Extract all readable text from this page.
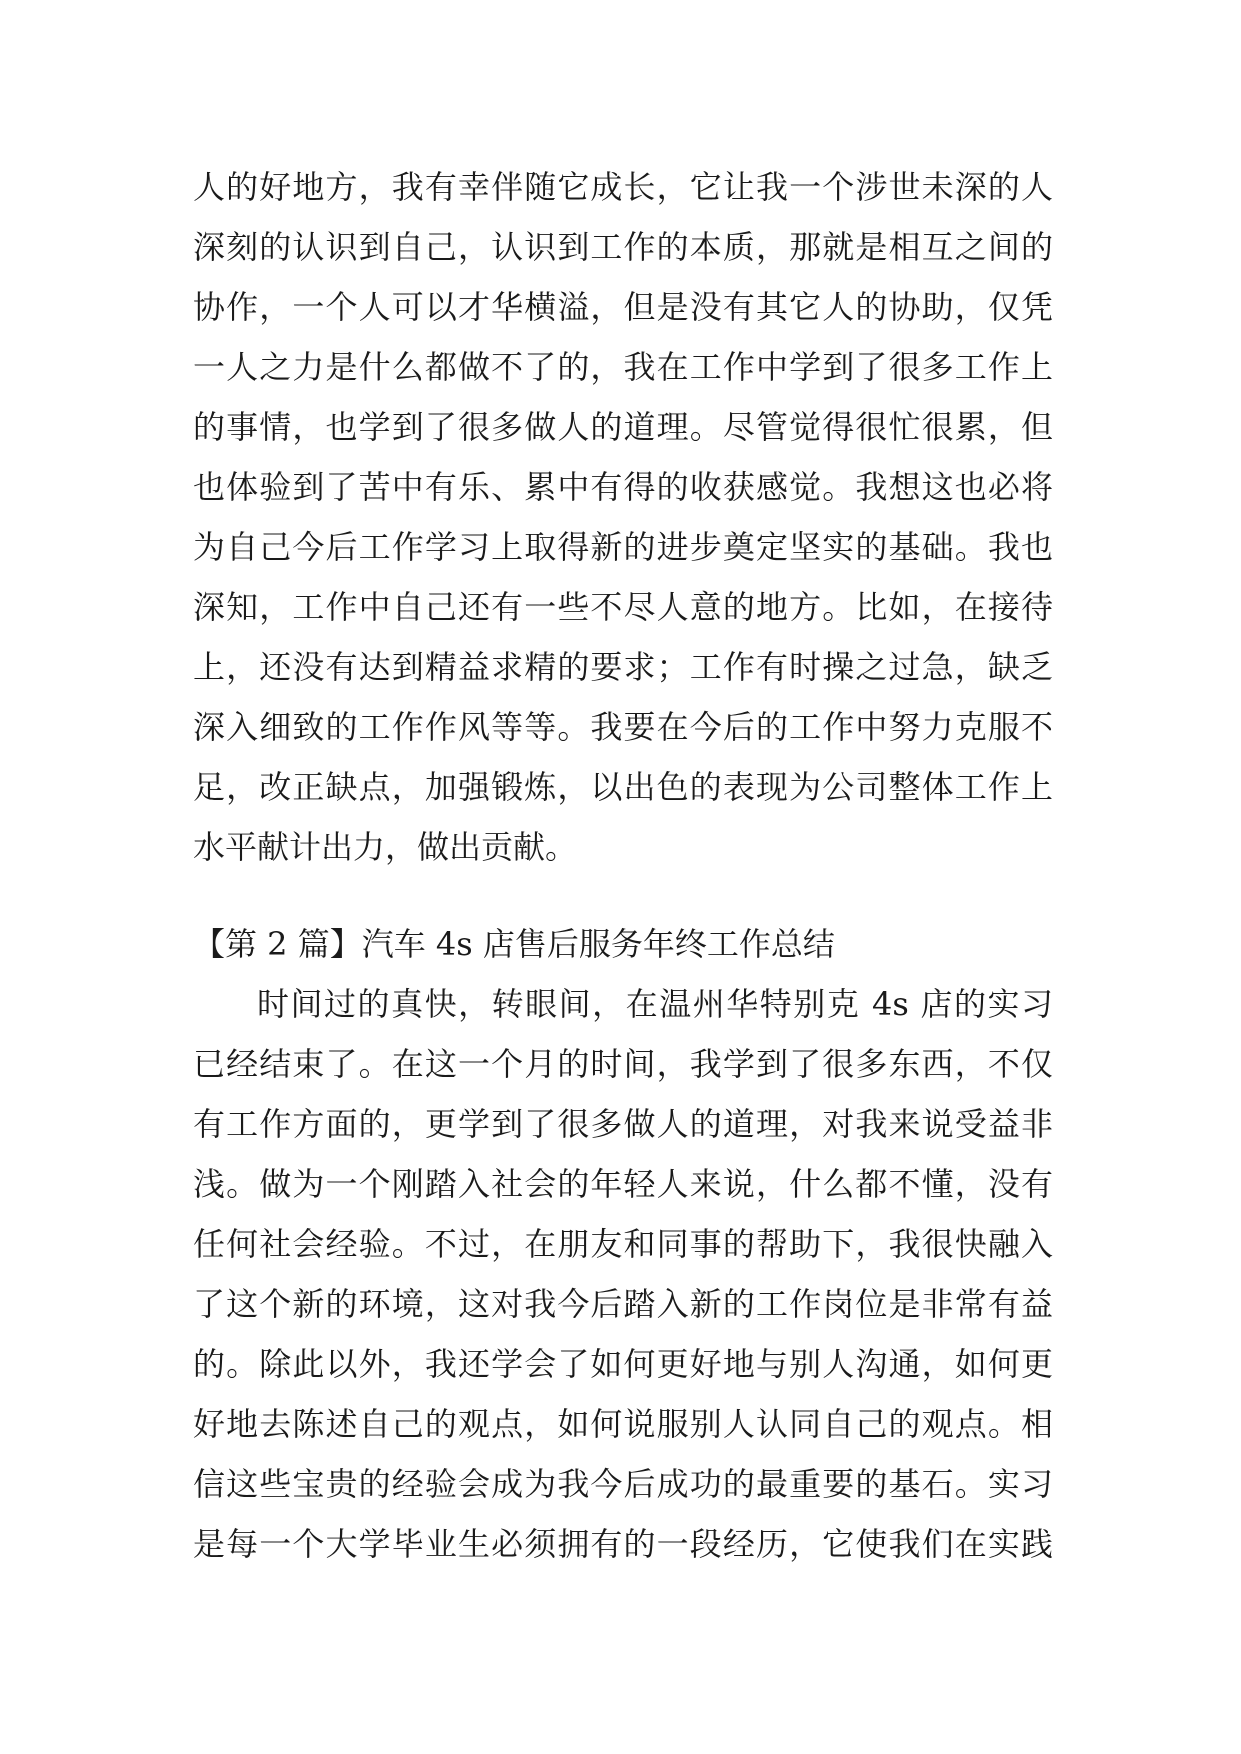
人的好地方，我有幸伴随它成长，它让我一个涉世未深的人
深刻的认识到自己，认识到工作的本质，那就是相互之间的
协作，一个人可以才华横溢，但是没有其它人的协助，仅凭
一人之力是什么都做不了的，我在工作中学到了很多工作上
的事情，也学到了很多做人的道理。尽管觉得很忙很累，但
也体验到了苦中有乐、累中有得的收获感觉。我想这也必将
为自己今后工作学习上取得新的进步奠定坚实的基础。我也
深知，工作中自己还有一些不尽人意的地方。比如，在接待
上，还没有达到精益求精的要求；工作有时操之过急，缺乏
深入细致的工作作风等等。我要在今后的工作中努力克服不
足，改正缺点，加强锻炼，以出色的表现为公司整体工作上
水平献计出力，做出贡献。
【第 2 篇】汽车 4s 店售后服务年终工作总结
时间过的真快，转眼间，在温州华特别克 4s 店的实习
已经结束了。在这一个月的时间，我学到了很多东西，不仅
有工作方面的，更学到了很多做人的道理，对我来说受益非
浅。做为一个刚踏入社会的年轻人来说，什么都不懂，没有
任何社会经验。不过，在朋友和同事的帮助下，我很快融入
了这个新的环境，这对我今后踏入新的工作岗位是非常有益
的。除此以外，我还学会了如何更好地与别人沟通，如何更
好地去陈述自己的观点，如何说服别人认同自己的观点。相
信这些宝贵的经验会成为我今后成功的最重要的基石。实习
是每一个大学毕业生必须拥有的一段经历，它使我们在实践
